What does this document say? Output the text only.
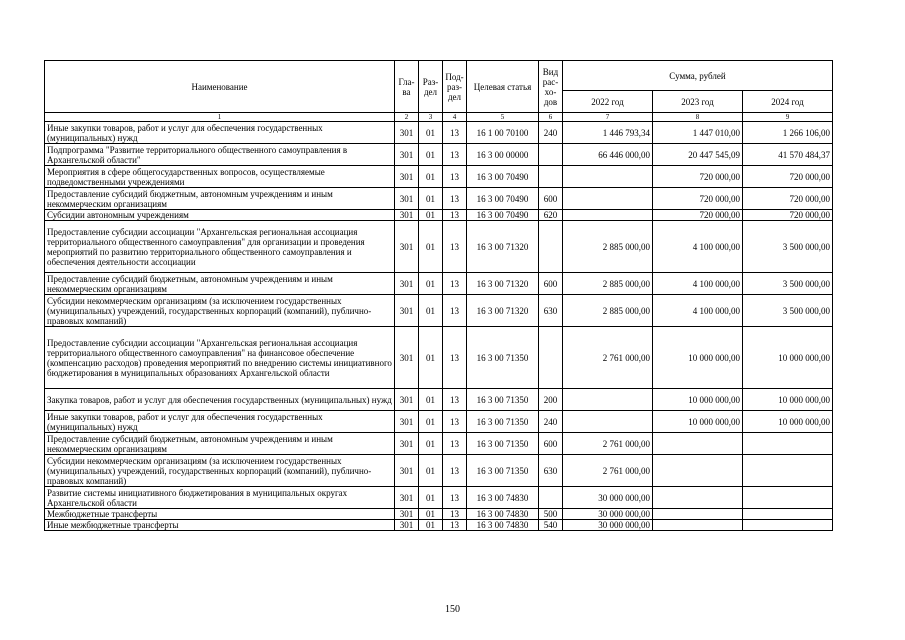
Наименование	Гла-ва	Раз-дел	Под-раз-дел	Целевая статья	Вид рас-хо-дов	Сумма, рублей		
						2022 год	2023 год	2024 год
1	2	3	4	5	6	7	8	9
Иные закупки товаров, работ и услуг для обеспечения государственных (муниципальных) нужд	301	01	13	16 1 00 70100	240	1 446 793,34	1 447 010,00	1 266 106,00
Подпрограмма "Развитие территориального общественного самоуправления в Архангельской области"	301	01	13	16 3 00 00000		66 446 000,00	20 447 545,09	41 570 484,37
Мероприятия в сфере общегосударственных вопросов, осуществляемые подведомственными учреждениями	301	01	13	16 3 00 70490			720 000,00	720 000,00
Предоставление субсидий бюджетным, автономным учреждениям и иным некоммерческим организациям	301	01	13	16 3 00 70490	600		720 000,00	720 000,00
Субсидии автономным учреждениям	301	01	13	16 3 00 70490	620		720 000,00	720 000,00
Предоставление субсидии ассоциации "Архангельская региональная ассоциация территориального общественного самоуправления" для организации и проведения мероприятий по развитию территориального общественного самоуправления и обеспечения деятельности ассоциации	301	01	13	16 3 00 71320		2 885 000,00	4 100 000,00	3 500 000,00
Предоставление субсидий бюджетным, автономным учреждениям и иным некоммерческим организациям	301	01	13	16 3 00 71320	600	2 885 000,00	4 100 000,00	3 500 000,00
Субсидии некоммерческим организациям (за исключением государственных (муниципальных) учреждений, государственных корпораций (компаний), публично-правовых компаний)	301	01	13	16 3 00 71320	630	2 885 000,00	4 100 000,00	3 500 000,00
Предоставление субсидии ассоциации "Архангельская региональная ассоциация территориального общественного самоуправления" на финансовое обеспечение (компенсацию расходов) проведения мероприятий по внедрению системы инициативного бюджетирования в муниципальных образованиях Архангельской области	301	01	13	16 3 00 71350		2 761 000,00	10 000 000,00	10 000 000,00
Закупка товаров, работ и услуг для обеспечения государственных (муниципальных) нужд	301	01	13	16 3 00 71350	200		10 000 000,00	10 000 000,00
Иные закупки товаров, работ и услуг для обеспечения государственных (муниципальных) нужд	301	01	13	16 3 00 71350	240		10 000 000,00	10 000 000,00
Предоставление субсидий бюджетным, автономным учреждениям и иным некоммерческим организациям	301	01	13	16 3 00 71350	600	2 761 000,00		
Субсидии некоммерческим организациям (за исключением государственных (муниципальных) учреждений, государственных корпораций (компаний), публично-правовых компаний)	301	01	13	16 3 00 71350	630	2 761 000,00		
Развитие системы инициативного бюджетирования в муниципальных округах Архангельской области	301	01	13	16 3 00 74830		30 000 000,00		
Межбюджетные трансферты	301	01	13	16 3 00 74830	500	30 000 000,00		
Иные межбюджетные трансферты	301	01	13	16 3 00 74830	540	30 000 000,00		
150
